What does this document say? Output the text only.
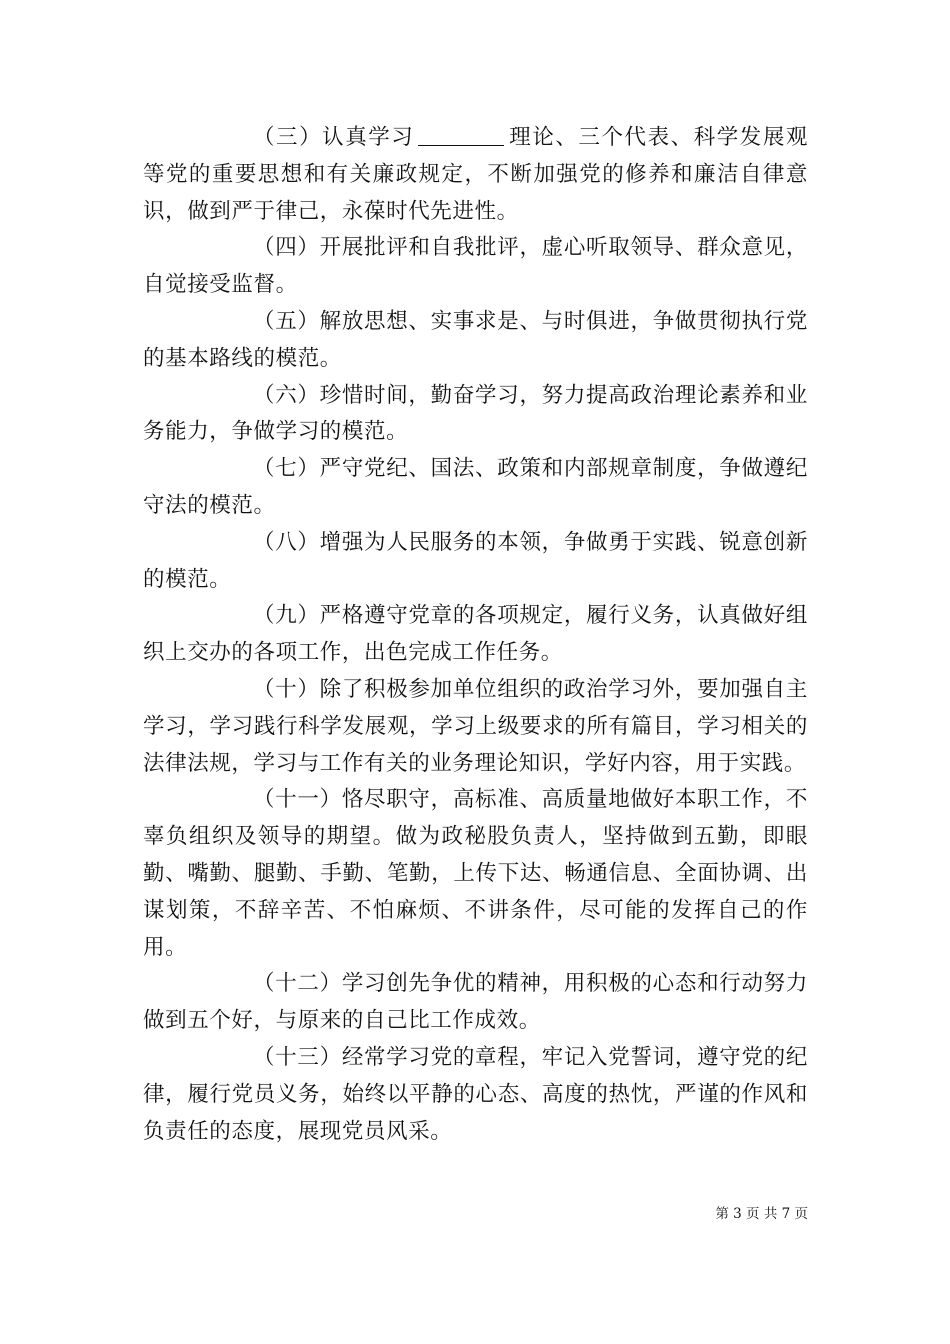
（三）认真学习	理论、三个代表、科学发展观等党的重要思想和有关廉政规定，不断加强党的修养和廉洁自律意识，做到严于律己，永葆时代先进性。

（四）开展批评和自我批评，虚心听取领导、群众意见，自觉接受监督。

（五）解放思想、实事求是、与时俱进，争做贯彻执行党的基本路线的模范。

（六）珍惜时间，勤奋学习，努力提高政治理论素养和业务能力，争做学习的模范。

（七）严守党纪、国法、政策和内部规章制度，争做遵纪守法的模范。

（八）增强为人民服务的本领，争做勇于实践、锐意创新的模范。

（九）严格遵守党章的各项规定，履行义务，认真做好组织上交办的各项工作，出色完成工作任务。

（十）除了积极参加单位组织的政治学习外，要加强自主学习，学习践行科学发展观，学习上级要求的所有篇目，学习相关的法律法规，学习与工作有关的业务理论知识，学好内容，用于实践。

（十一）恪尽职守，高标准、高质量地做好本职工作，不辜负组织及领导的期望。做为政秘股负责人，坚持做到五勤，即眼勤、嘴勤、腿勤、手勤、笔勤，上传下达、畅通信息、全面协调、出谋划策，不辞辛苦、不怕麻烦、不讲条件，尽可能的发挥自己的作用。

（十二）学习创先争优的精神，用积极的心态和行动努力做到五个好，与原来的自己比工作成效。

（十三）经常学习党的章程，牢记入党誓词，遵守党的纪律，履行党员义务，始终以平静的心态、高度的热忱，严谨的作风和负责任的态度，展现党员风采。

第 3 页 共 7 页
